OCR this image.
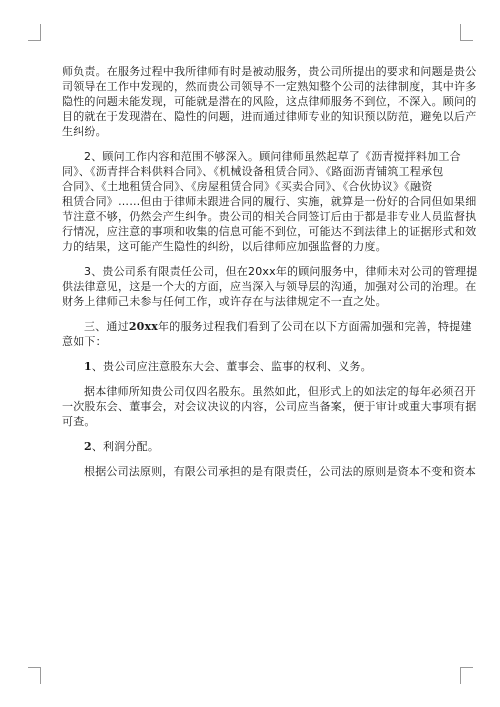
师负责。在服务过程中我所律师有时是被动服务，贵公司所提出的要求和问题是贵公
司领导在工作中发现的，然而贵公司领导不一定熟知整个公司的法律制度，其中许多
隐性的问题未能发现，可能就是潜在的风险，这点律师服务不到位，不深入。顾问的
目的就在于发现潜在、隐性的问题，进而通过律师专业的知识预以防范，避免以后产
生纠纷。
2、顾问工作内容和范围不够深入。顾问律师虽然起草了《沥青搅拌料加工合
同》、《沥青拌合料供料合同》、《机械设备租赁合同》、《路面沥青铺筑工程承包
合同》、《土地租赁合同》、《房屋租赁合同》《买卖合同》、《合伙协议》《融资
租赁合同》……但由于律师未跟进合同的履行、实施，就算是一份好的合同但如果细
节注意不够，仍然会产生纠争。贵公司的相关合同签订后由于都是非专业人员监督执
行情况，应注意的事项和收集的信息可能不到位，可能达不到法律上的证据形式和效
力的结果，这可能产生隐性的纠纷，以后律师应加强监督的力度。
3、贵公司系有限责任公司，但在20xx年的顾问服务中，律师未对公司的管理提
供法律意见，这是一个大的方面，应当深入与领导层的沟通，加强对公司的治理。在
财务上律师己未参与任何工作，或许存在与法律规定不一直之处。
三、通过20xx年的服务过程我们看到了公司在以下方面需加强和完善，特提建
意如下：
1、贵公司应注意股东大会、董事会、监事的权利、义务。
据本律师所知贵公司仅四名股东。虽然如此，但形式上的如法定的每年必须召开
一次股东会、董事会，对会议决议的内容，公司应当备案，便于审计或重大事项有据
可查。
2、利润分配。
根据公司法原则，有限公司承担的是有限责任，公司法的原则是资本不变和资本
